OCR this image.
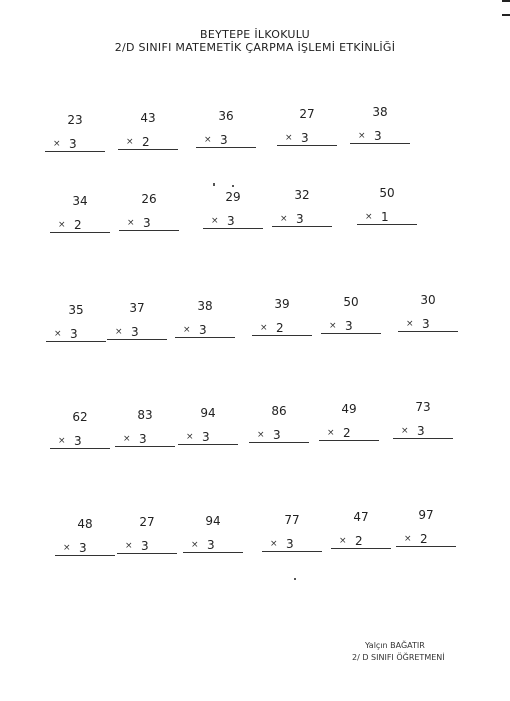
BEYTEPE İLKOKULU
2/D SINIFI MATEMETİK ÇARPMA İŞLEMİ ETKİNLİĞİ
23
× 3
43
× 2
36
× 3
27
× 3
38
× 3
34
× 2
26
× 3
29
× 3
32
× 3
50
× 1
35
× 3
37
× 3
38
× 3
39
× 2
50
× 3
30
× 3
62
× 3
83
× 3
94
× 3
86
× 3
49
× 2
73
× 3
48
× 3
27
× 3
94
× 3
77
× 3
47
× 2
97
× 2
Yalçın BAĞATIR
2/ D SINIFI ÖĞRETMENİ
